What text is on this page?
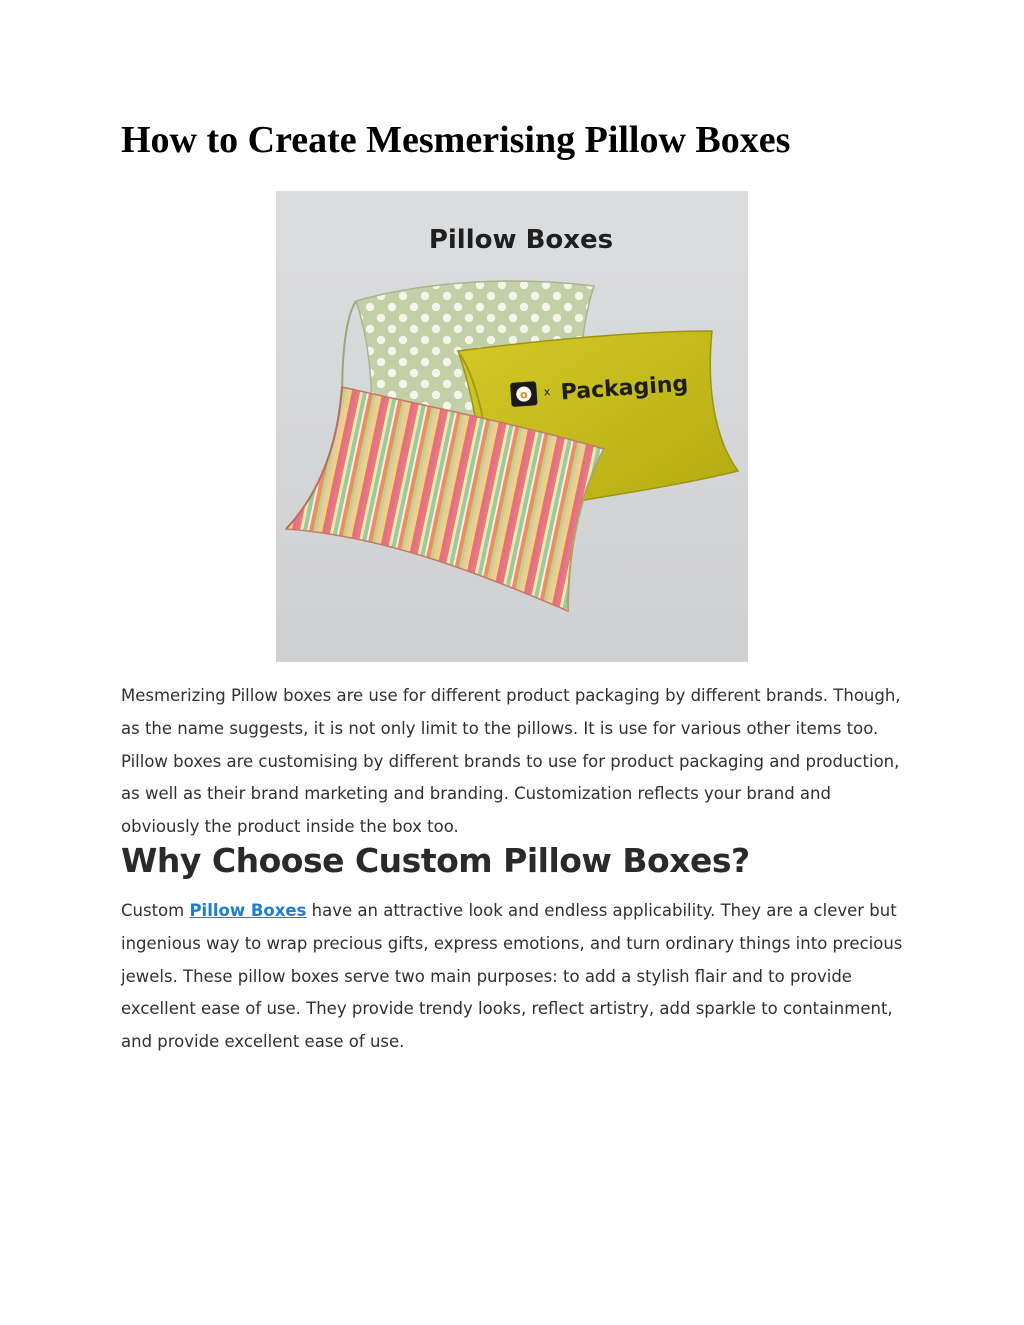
How to Create Mesmerising Pillow Boxes
Pillow Boxes
o x Packaging

Mesmerizing Pillow boxes are use for different product packaging by different brands. Though, as the name suggests, it is not only limit to the pillows. It is use for various other items too. Pillow boxes are customising by different brands to use for product packaging and production, as well as their brand marketing and branding. Customization reflects your brand and obviously the product inside the box too.

Why Choose Custom Pillow Boxes?

Custom Pillow Boxes have an attractive look and endless applicability. They are a clever but ingenious way to wrap precious gifts, express emotions, and turn ordinary things into precious jewels. These pillow boxes serve two main purposes: to add a stylish flair and to provide excellent ease of use. They provide trendy looks, reflect artistry, add sparkle to containment, and provide excellent ease of use.
